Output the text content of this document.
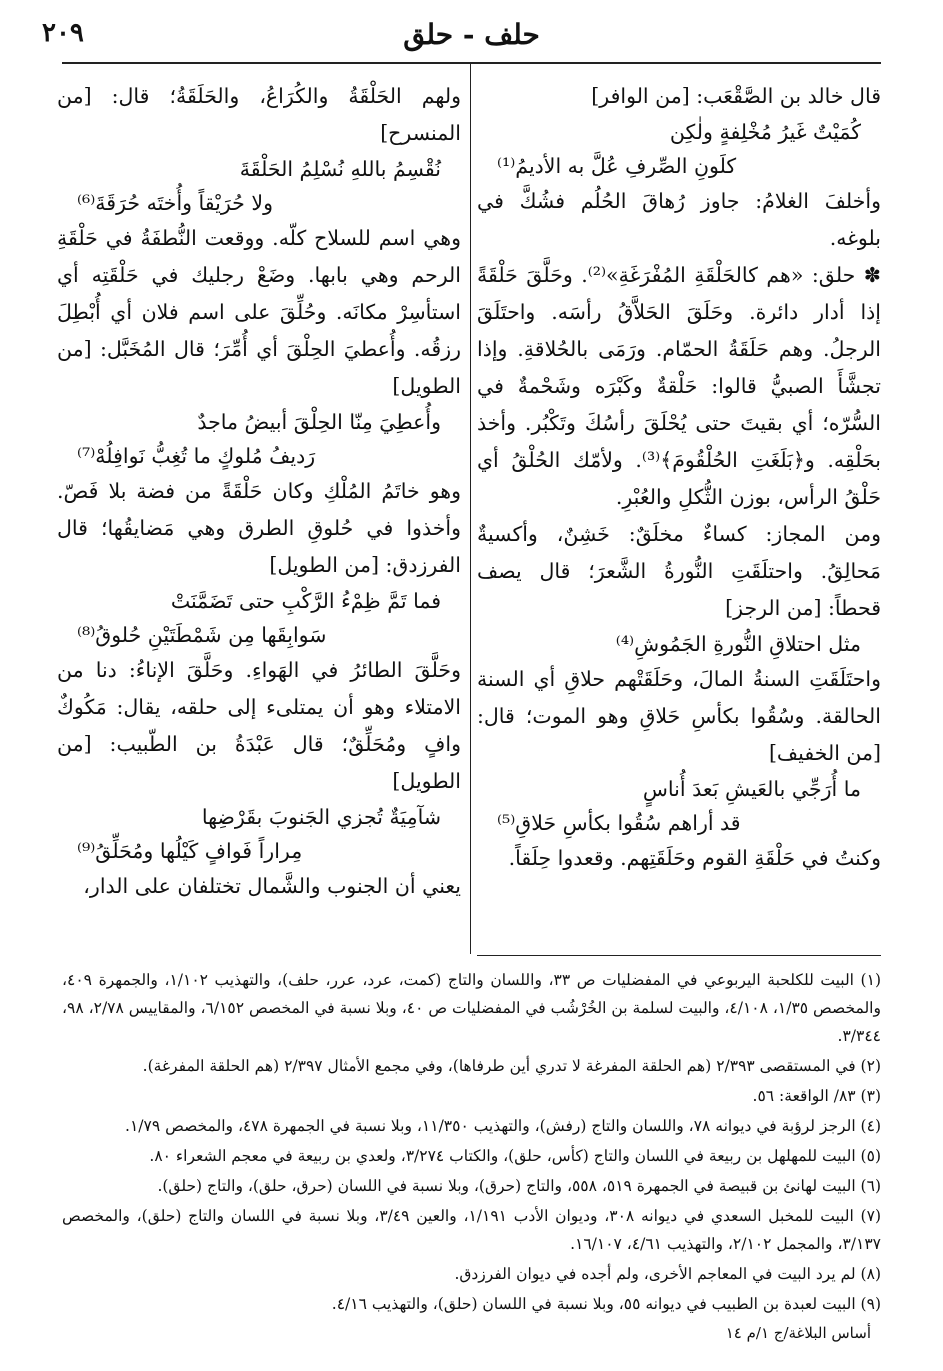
٢٠٩	حلف - حلق

قال خالد بن الصَّقْعَب: [من الوافر]

كُمَيْتٌ غَيرُ مُخْلِفةٍ ولٰكِن

كلَونِ الصِّرفِ عُلَّ به الأديمُ⁽¹⁾

وأخلفَ الغلامُ: جاوز رُهاقَ الحُلُم فشُكَّ في بلوغه.

✽ حلق: «هم كالحَلْقَةِ المُفْرَغَةِ»⁽²⁾. وحَلَّقَ حَلْقَةً إذا أدار دائرة. وحَلَقَ الحَلاَّقُ رأسَه. واحتَلَقَ الرجلُ. وهم حَلَقَةُ الحمّام. ورَمَى بالحُلاقةِ. وإذا تجشَّأَ الصبيُّ قالوا: حَلْقةٌ وكَبْرَه وشَحْمةٌ في السُّرّه؛ أي بقيتَ حتى يُحْلَقَ رأسُكَ وتَكْبُر. وأخذ بحَلْقِه. و﴿بَلَغَتِ الحُلْقُومَ﴾⁽³⁾. ولأمّك الحُلْقُ أي حَلْقُ الرأس، بوزن الثُّكلِ والعُبْرِ.

ومن المجاز: كساءٌ مخلَقٌ: خَشِنٌ، وأكسيةٌ مَحالِقُ. واحتلَقَتِ النُّورةُ الشَّعرَ؛ قال يصف قحطاً: [من الرجز]

مثل احتلاقِ النُّورةِ الجَمُوشِ⁽⁴⁾

واحتَلَقَتِ السنةُ المالَ، وحَلَقَتْهم حلاقِ أي السنة الحالقة. وسُقُوا بكأسِ حَلاقِ وهو الموت؛ قال: [من الخفيف]

ما أُرَجِّي بالعَيشِ بَعدَ أُناسٍ

قد أراهم سُقُوا بكأسِ حَلاقِ⁽⁵⁾

وكنتُ في حَلْقَةِ القوم وحَلَقَتِهم. وقعدوا حِلَقاً.

ولهم الحَلْقَةُ والكُرَاعُ، والحَلَقَةُ؛ قال: [من المنسرح]

نُقْسِمُ باللهِ نُسْلِمُ الحَلْقَةَ

ولا حُرَيْقاً وأُختَه حُرَقَةَ⁽⁶⁾

وهي اسم للسلاح كلّه. ووقعت النُّطفَةُ في حَلْقَةِ الرحم وهي بابها. وضَعْ رجليك في حَلْقَتِه أي استأسِرْ مكانَه. وحُلِّقَ على اسم فلان أي أُبْطِلَ رزقُه. وأُعطيَ الحِلْقَ أي أُمِّرَ؛ قال المُخَبَّل: [من الطويل]

وأُعطِيَ مِنّا الحِلْقَ أبيضُ ماجدٌ

رَديفُ مُلوكٍ ما تُغِبُّ نَوافِلُهْ⁽⁷⁾

وهو خاتَمُ المُلْكِ وكان حَلْقَةً من فضة بلا فَصّ. وأخذوا في حُلوقِ الطرق وهي مَضايقُها؛ قال الفرزدق: [من الطويل]

فما تَمَّ ظِمْءُ الرَّكْبِ حتى تَضَمَّنَتْ

سَوابِقَها مِن شَمْطَتَيْنِ حُلوقُ⁽⁸⁾

وحَلَّقَ الطائرُ في الهَواءِ. وحَلَّقَ الإناءُ: دنا من الامتلاء وهو أن يمتلىء إلى حلقه، يقال: مَكُوكٌ وافٍ ومُحَلِّقٌ؛ قال عَبْدَةُ بن الطّبيب: [من الطويل]

شآمِيَةٌ تُجزي الجَنوبَ بقَرْضِها

مِراراً فَوافٍ كَيْلُها ومُحَلِّقُ⁽⁹⁾

يعني أن الجنوب والشَّمال تختلفان على الدار،

(١) البيت للكلحبة اليربوعي في المفضليات ص ٣٣، واللسان والتاج (كمت، عرد، عرر، حلف)، والتهذيب ١/١٠٢، والجمهرة ٤٠٩، والمخصص ١/٣٥، ٤/١٠٨، والبيت لسلمة بن الخُرْشُب في المفضليات ص ٤٠، وبلا نسبة في المخصص ٦/١٥٢، والمقاييس ٢/٧٨، ٩٨، ٣/٣٤٤.

(٢) في المستقصى ٢/٣٩٣ (هم الحلقة المفرغة لا تدري أين طرفاها)، وفي مجمع الأمثال ٢/٣٩٧ (هم الحلقة المفرغة).

(٣) ٨٣/ الواقعة: ٥٦.

(٤) الرجز لرؤبة في ديوانه ٧٨، واللسان والتاج (رفش)، والتهذيب ١١/٣٥٠، وبلا نسبة في الجمهرة ٤٧٨، والمخصص ١/٧٩.

(٥) البيت للمهلهل بن ربيعة في اللسان والتاج (كأس، حلق)، والكتاب ٣/٢٧٤، ولعدي بن ربيعة في معجم الشعراء ٨٠.

(٦) البيت لهانئ بن قبيصة في الجمهرة ٥١٩، ٥٥٨، والتاج (حرق)، وبلا نسبة في اللسان (حرق، حلق)، والتاج (حلق).

(٧) البيت للمخبل السعدي في ديوانه ٣٠٨، وديوان الأدب ١/١٩١، والعين ٣/٤٩، وبلا نسبة في اللسان والتاج (حلق)، والمخصص ٣/١٣٧، والمجمل ٢/١٠٢، والتهذيب ٤/٦١، ١٦/١٠٧.

(٨) لم يرد البيت في المعاجم الأخرى، ولم أجده في ديوان الفرزدق.

(٩) البيت لعبدة بن الطبيب في ديوانه ٥٥، وبلا نسبة في اللسان (حلق)، والتهذيب ٤/١٦.

أساس البلاغة/ج ١/م ١٤
